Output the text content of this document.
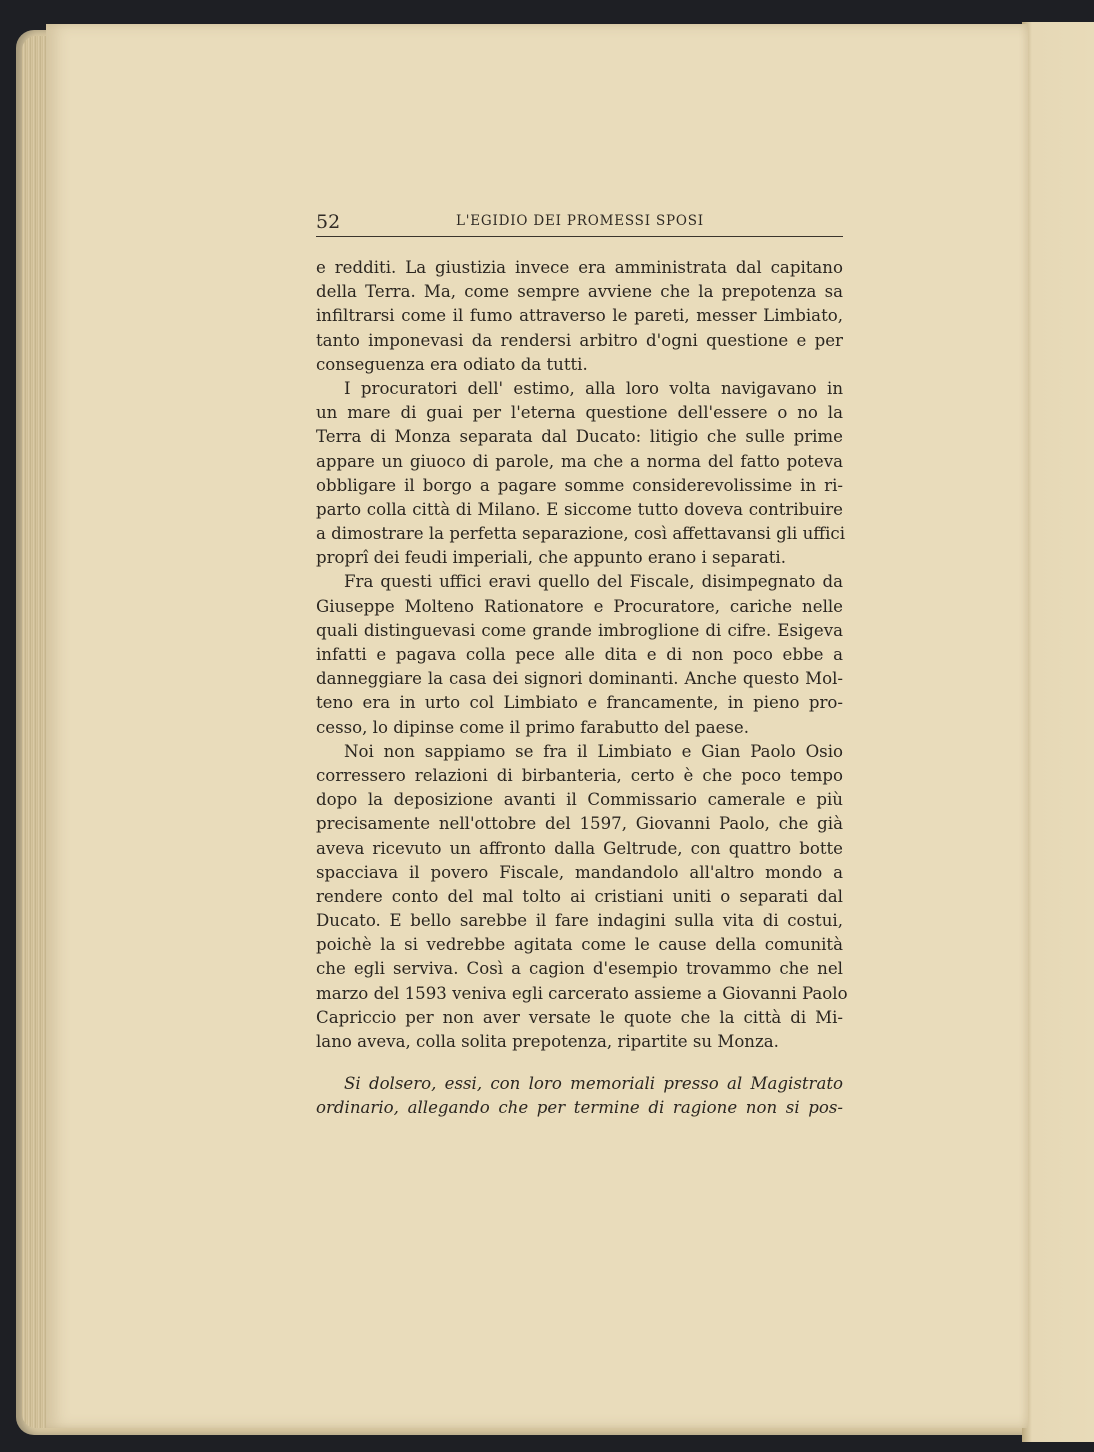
52	L'EGIDIO DEI PROMESSI SPOSI
e redditi. La giustizia invece era amministrata dal capitano
della Terra. Ma, come sempre avviene che la prepotenza sa
infiltrarsi come il fumo attraverso le pareti, messer Limbiato,
tanto imponevasi da rendersi arbitro d'ogni questione e per
conseguenza era odiato da tutti.
I procuratori dell' estimo, alla loro volta navigavano in
un mare di guai per l'eterna questione dell'essere o no la
Terra di Monza separata dal Ducato: litigio che sulle prime
appare un giuoco di parole, ma che a norma del fatto poteva
obbligare il borgo a pagare somme considerevolissime in ri-
parto colla città di Milano. E siccome tutto doveva contribuire
a dimostrare la perfetta separazione, così affettavansi gli uffici
proprî dei feudi imperiali, che appunto erano i separati.
Fra questi uffici eravi quello del Fiscale, disimpegnato da
Giuseppe Molteno Rationatore e Procuratore, cariche nelle
quali distinguevasi come grande imbroglione di cifre. Esigeva
infatti e pagava colla pece alle dita e di non poco ebbe a
danneggiare la casa dei signori dominanti. Anche questo Mol-
teno era in urto col Limbiato e francamente, in pieno pro-
cesso, lo dipinse come il primo farabutto del paese.
Noi non sappiamo se fra il Limbiato e Gian Paolo Osio
corressero relazioni di birbanteria, certo è che poco tempo
dopo la deposizione avanti il Commissario camerale e più
precisamente nell'ottobre del 1597, Giovanni Paolo, che già
aveva ricevuto un affronto dalla Geltrude, con quattro botte
spacciava il povero Fiscale, mandandolo all'altro mondo a
rendere conto del mal tolto ai cristiani uniti o separati dal
Ducato. E bello sarebbe il fare indagini sulla vita di costui,
poichè la si vedrebbe agitata come le cause della comunità
che egli serviva. Così a cagion d'esempio trovammo che nel
marzo del 1593 veniva egli carcerato assieme a Giovanni Paolo
Capriccio per non aver versate le quote che la città di Mi-
lano aveva, colla solita prepotenza, ripartite su Monza.
Si dolsero, essi, con loro memoriali presso al Magistrato
ordinario, allegando che per termine di ragione non si pos-
